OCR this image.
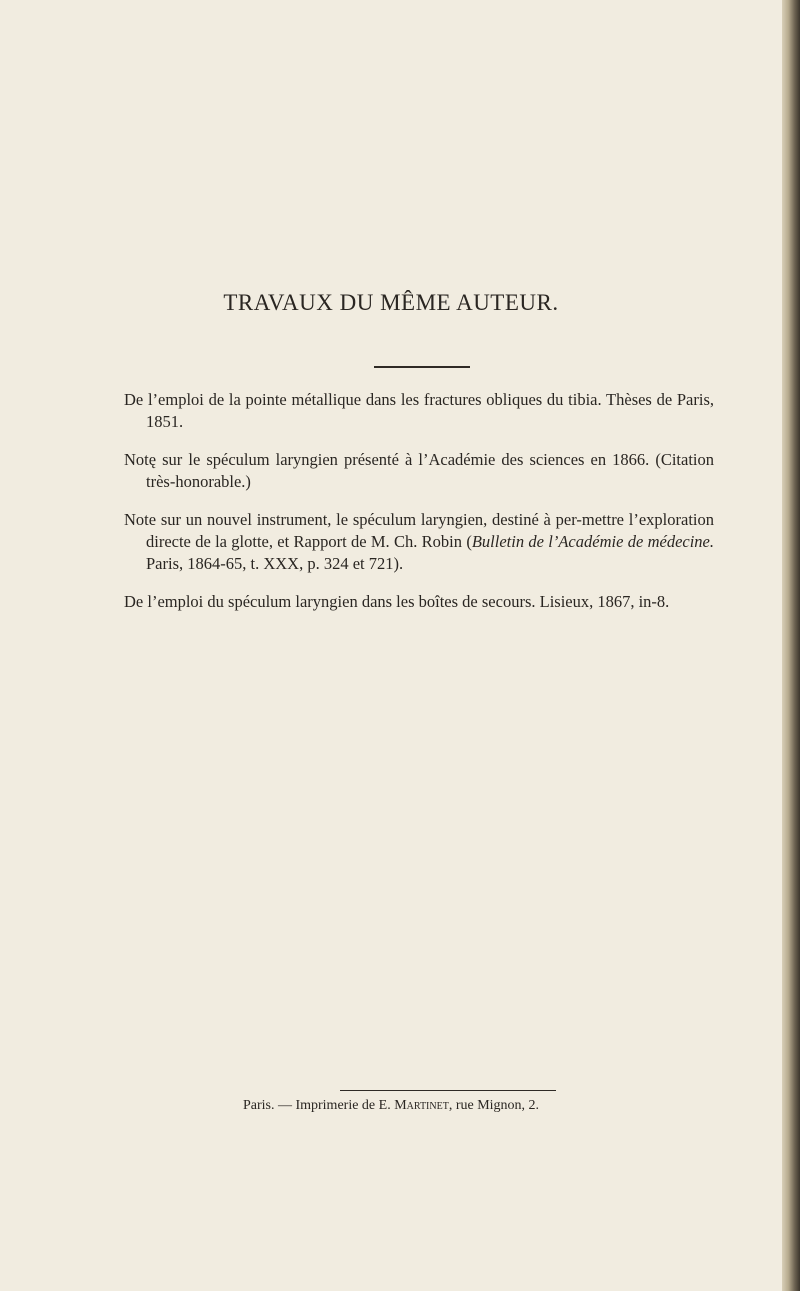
TRAVAUX DU MÊME AUTEUR.
De l’emploi de la pointe métallique dans les fractures obliques du tibia. Thèses de Paris, 1851.
Notę sur le spéculum laryngien présenté à l’Académie des sciences en 1866. (Citation très-honorable.)
Note sur un nouvel instrument, le spéculum laryngien, destiné à per-mettre l’exploration directe de la glotte, et Rapport de M. Ch. Robin (Bulletin de l’Académie de médecine. Paris, 1864-65, t. XXX, p. 324 et 721).
De l’emploi du spéculum laryngien dans les boîtes de secours. Lisieux, 1867, in-8.
Paris. — Imprimerie de E. Martinet, rue Mignon, 2.
